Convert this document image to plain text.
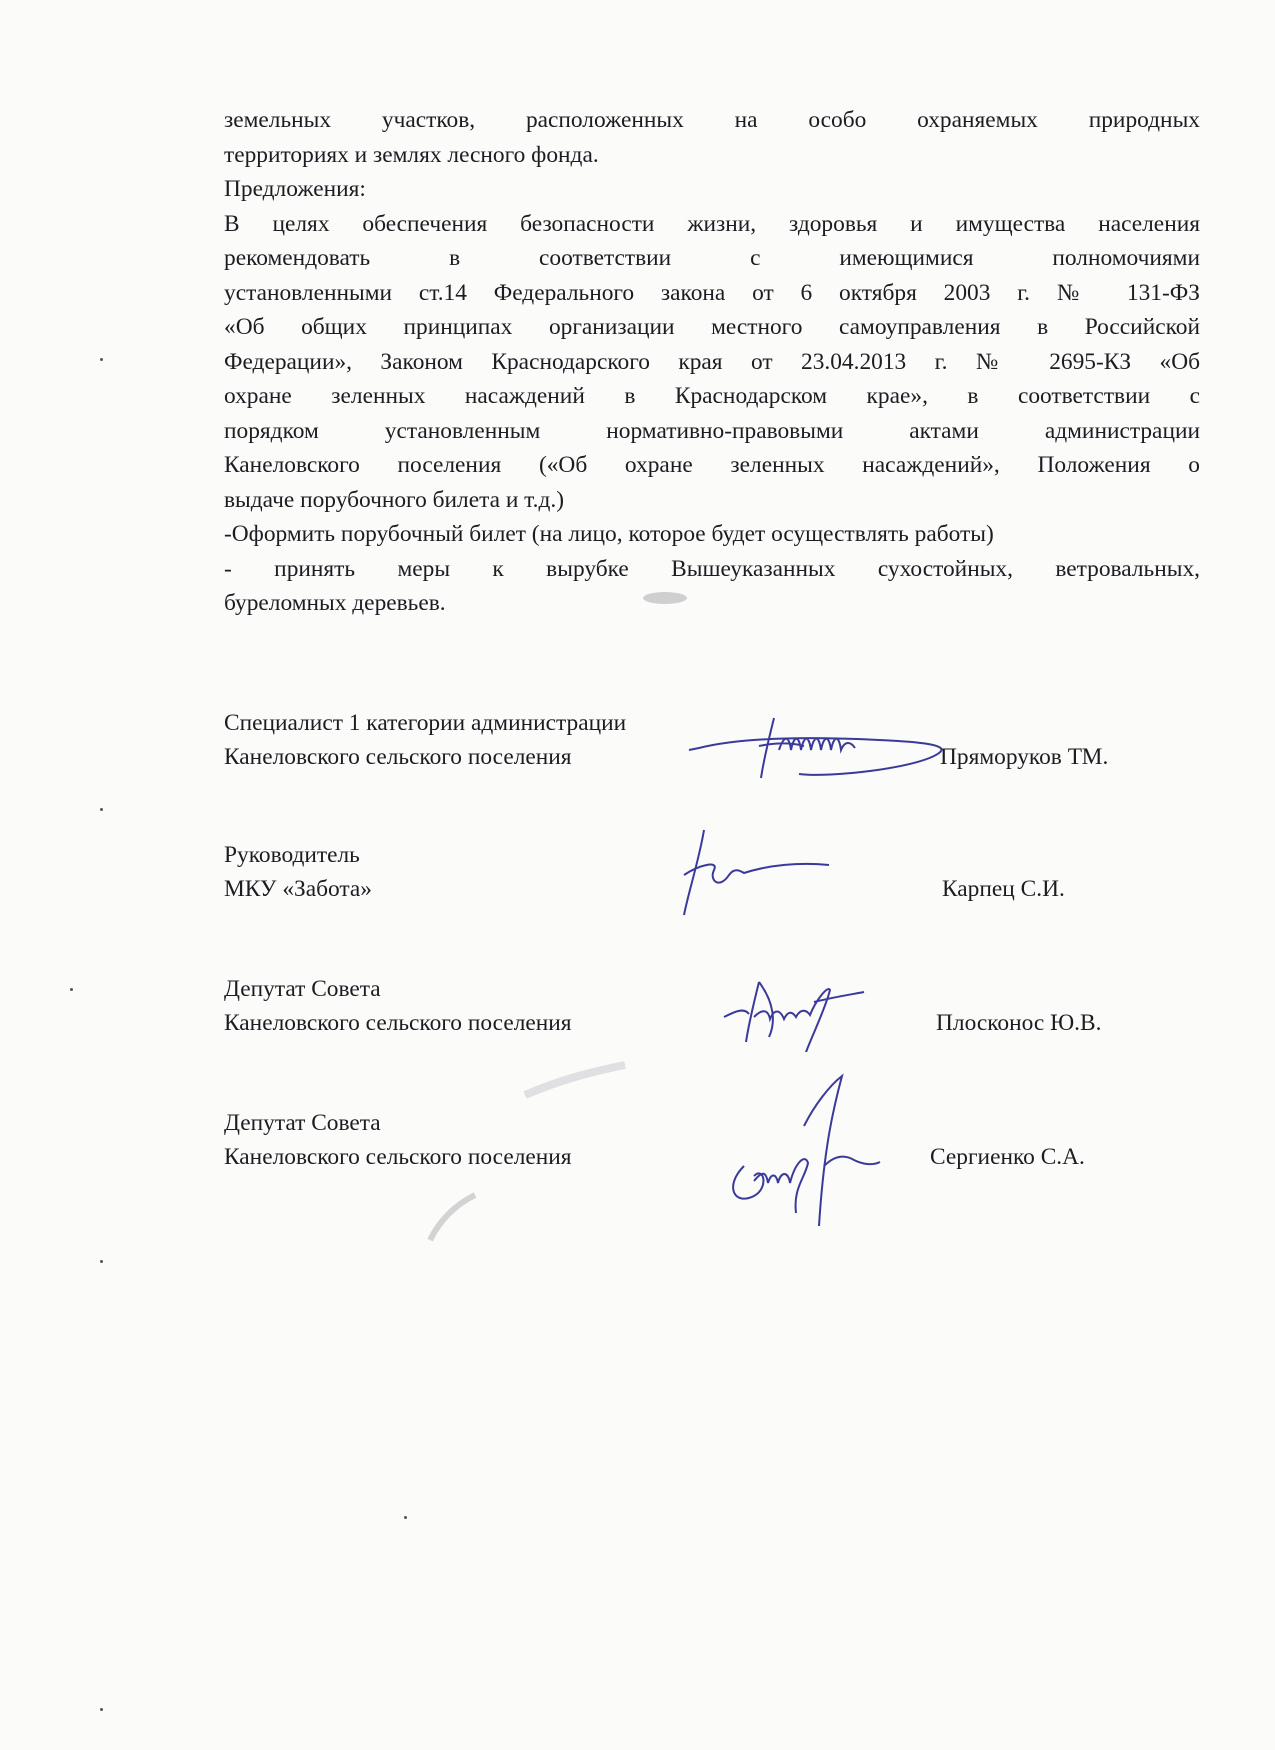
земельных участков, расположенных на особо охраняемых природных

территориях и землях лесного фонда.

Предложения:

В целях обеспечения безопасности жизни, здоровья и имущества населения

рекомендовать в соответствии с имеющимися полномочиями

установленными ст.14 Федерального закона от 6 октября 2003 г. № 131-ФЗ

«Об общих принципах организации местного самоуправления в Российской

Федерации», Законом Краснодарского края от 23.04.2013 г. № 2695-КЗ «Об

охране зеленных насаждений в Краснодарском крае», в соответствии с

порядком установленным нормативно-правовыми актами администрации

Канеловского поселения («Об охране зеленных насаждений», Положения о

выдаче порубочного билета и т.д.)

-Оформить порубочный билет (на лицо, которое будет осуществлять работы)

- принять меры к вырубке Вышеуказанных сухостойных, ветровальных,

буреломных деревьев.

Специалист 1 категории администрации
Канеловского сельского поселения	Пряморуков ТМ.
Руководитель
МКУ «Забота»	Карпец С.И.
Депутат Совета
Канеловского сельского поселения	Плосконос Ю.В.
Депутат Совета
Канеловского сельского поселения	Сергиенко С.А.
